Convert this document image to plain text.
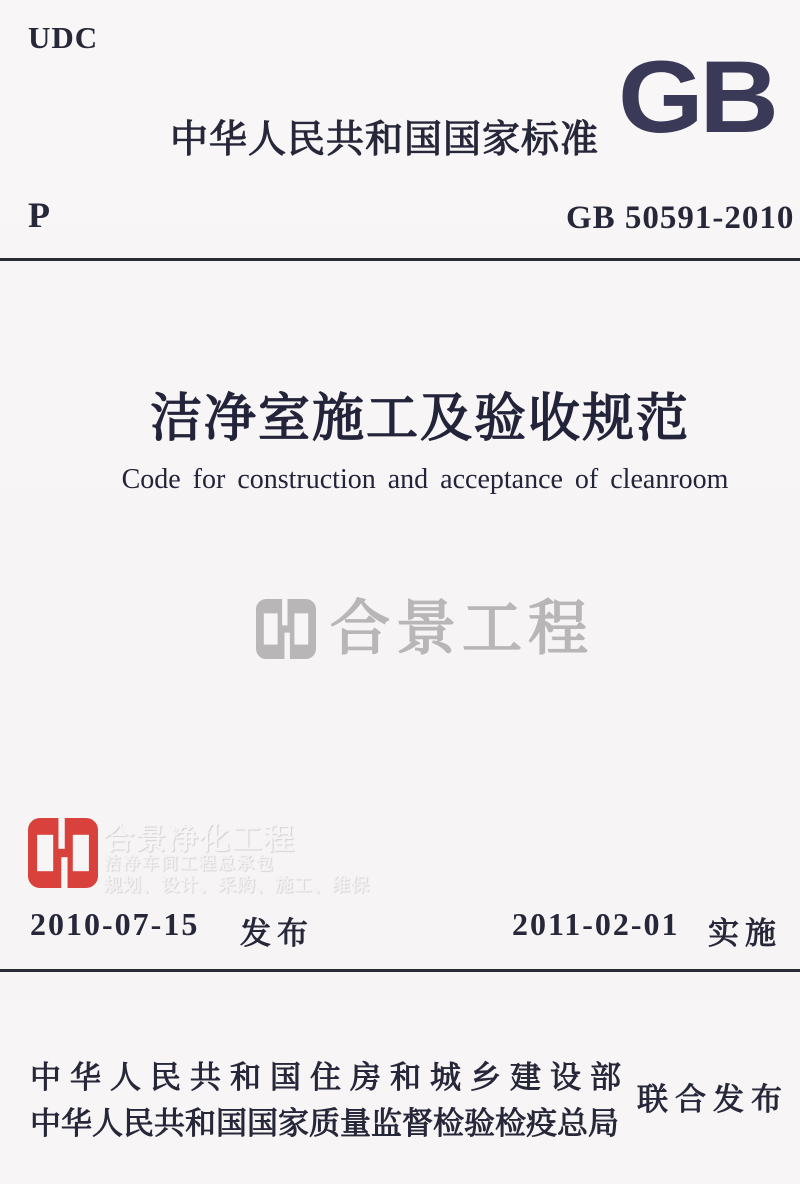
UDC
GB
中华人民共和国国家标准
P	GB 50591-2010
洁净室施工及验收规范
Code for construction and acceptance of cleanroom
合景工程
合景净化工程
洁净车间工程总承包
规划、设计、采购、施工、维保
2010-07-15 发布	2011-02-01 实施
中华人民共和国住房和城乡建设部
中华人民共和国国家质量监督检验检疫总局
联合发布
